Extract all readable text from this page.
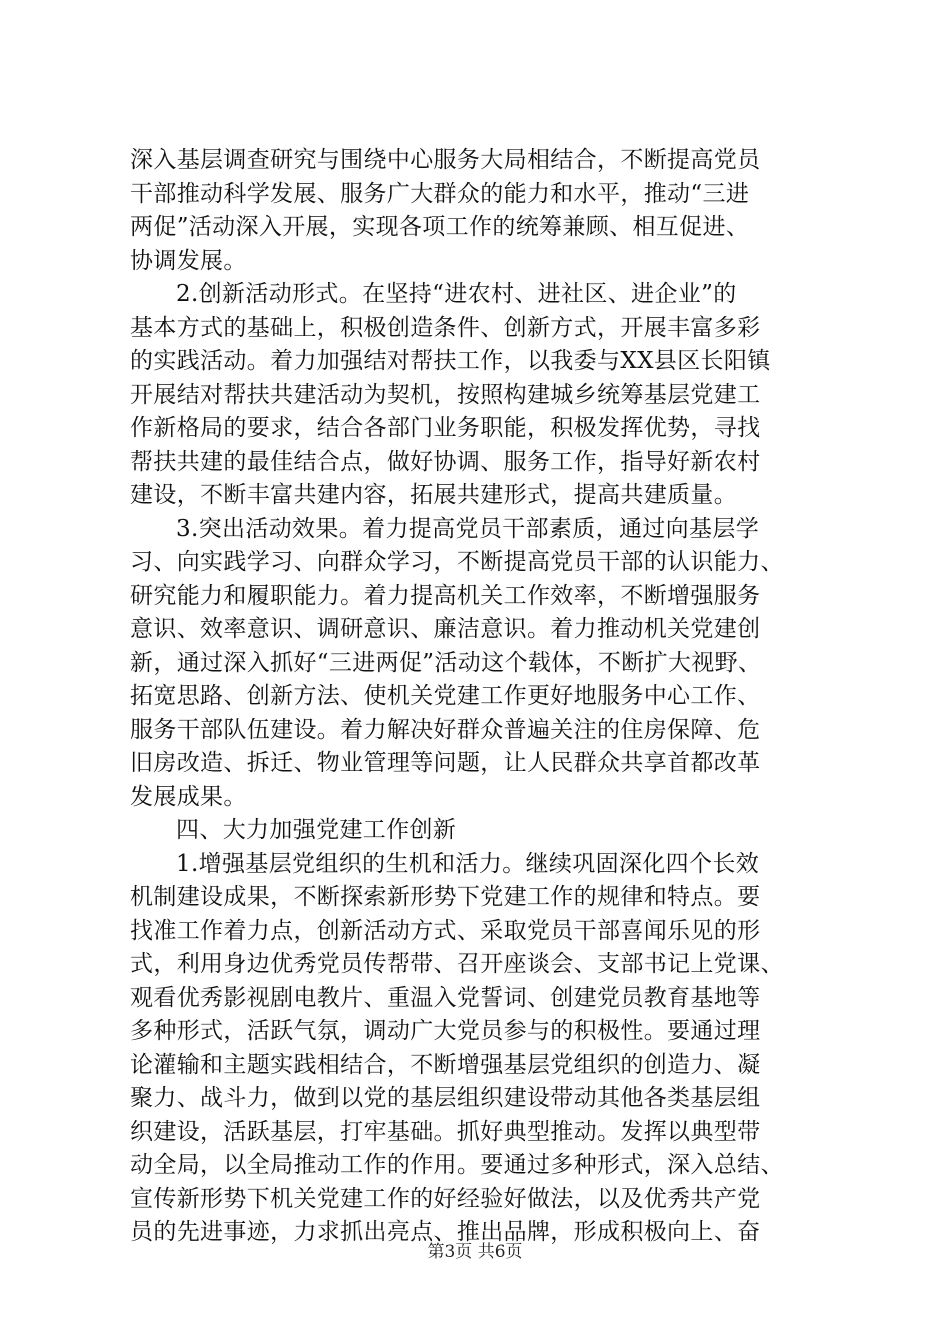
深入基层调查研究与围绕中心服务大局相结合，不断提高党员
干部推动科学发展、服务广大群众的能力和水平，推动“三进
两促”活动深入开展，实现各项工作的统筹兼顾、相互促进、
协调发展。
2.创新活动形式。在坚持“进农村、进社区、进企业”的
基本方式的基础上，积极创造条件、创新方式，开展丰富多彩
的实践活动。着力加强结对帮扶工作，以我委与XX县区长阳镇
开展结对帮扶共建活动为契机，按照构建城乡统筹基层党建工
作新格局的要求，结合各部门业务职能，积极发挥优势，寻找
帮扶共建的最佳结合点，做好协调、服务工作，指导好新农村
建设，不断丰富共建内容，拓展共建形式，提高共建质量。
3.突出活动效果。着力提高党员干部素质，通过向基层学
习、向实践学习、向群众学习，不断提高党员干部的认识能力、
研究能力和履职能力。着力提高机关工作效率，不断增强服务
意识、效率意识、调研意识、廉洁意识。着力推动机关党建创
新，通过深入抓好“三进两促”活动这个载体，不断扩大视野、
拓宽思路、创新方法、使机关党建工作更好地服务中心工作、
服务干部队伍建设。着力解决好群众普遍关注的住房保障、危
旧房改造、拆迁、物业管理等问题，让人民群众共享首都改革
发展成果。
四、大力加强党建工作创新
1.增强基层党组织的生机和活力。继续巩固深化四个长效
机制建设成果，不断探索新形势下党建工作的规律和特点。要
找准工作着力点，创新活动方式、采取党员干部喜闻乐见的形
式，利用身边优秀党员传帮带、召开座谈会、支部书记上党课、
观看优秀影视剧电教片、重温入党誓词、创建党员教育基地等
多种形式，活跃气氛，调动广大党员参与的积极性。要通过理
论灌输和主题实践相结合，不断增强基层党组织的创造力、凝
聚力、战斗力，做到以党的基层组织建设带动其他各类基层组
织建设，活跃基层，打牢基础。抓好典型推动。发挥以典型带
动全局，以全局推动工作的作用。要通过多种形式，深入总结、
宣传新形势下机关党建工作的好经验好做法，以及优秀共产党
员的先进事迹，力求抓出亮点、推出品牌，形成积极向上、奋
第3页 共6页
